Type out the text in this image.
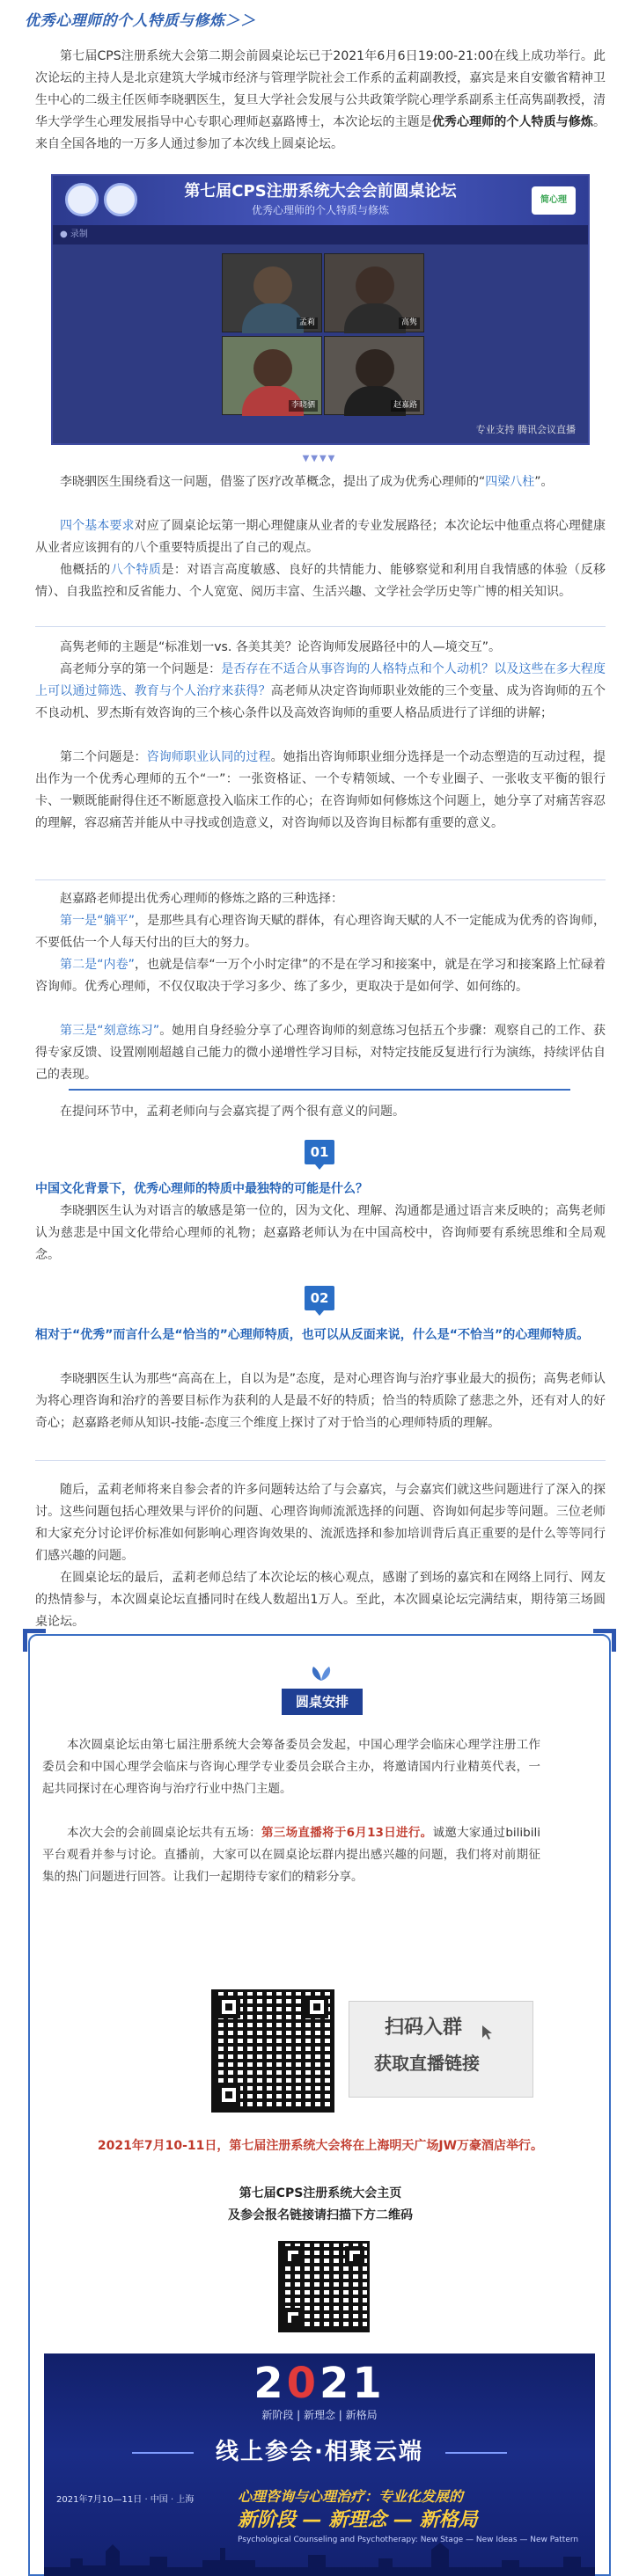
优秀心理师的个人特质与修炼＞＞

第七届CPS注册系统大会第二期会前圆桌论坛已于2021年6月6日19:00-21:00在线上成功举行。此次论坛的主持人是北京建筑大学城市经济与管理学院社会工作系的孟莉副教授，嘉宾是来自安徽省精神卫生中心的二级主任医师李晓驷医生，复旦大学社会发展与公共政策学院心理学系副系主任高隽副教授，清华大学学生心理发展指导中心专职心理师赵嘉路博士，本次论坛的主题是优秀心理师的个人特质与修炼。来自全国各地的一万多人通过参加了本次线上圆桌论坛。

第七届CPS注册系统大会会前圆桌论坛
优秀心理师的个人特质与修炼
简心理
● 录制
孟莉	高隽
李晓驷	赵嘉路
专业支持 腾讯会议直播
▼▼▼▼

李晓驷医生围绕看这一问题，借鉴了医疗改革概念，提出了成为优秀心理师的“四梁八柱”。

四个基本要求对应了圆桌论坛第一期心理健康从业者的专业发展路径；本次论坛中他重点将心理健康从业者应该拥有的八个重要特质提出了自己的观点。

他概括的八个特质是：对语言高度敏感、良好的共情能力、能够察觉和利用自我情感的体验（反移情）、自我监控和反省能力、个人宽宽、阅历丰富、生活兴趣、文学社会学历史等广博的相关知识。

高隽老师的主题是“标准划一vs. 各美其美？论咨询师发展路径中的人—境交互”。

高老师分享的第一个问题是：是否存在不适合从事咨询的人格特点和个人动机？以及这些在多大程度上可以通过筛选、教育与个人治疗来获得？高老师从决定咨询师职业效能的三个变量、成为咨询师的五个不良动机、罗杰斯有效咨询的三个核心条件以及高效咨询师的重要人格品质进行了详细的讲解；

第二个问题是：咨询师职业认同的过程。她指出咨询师职业细分选择是一个动态塑造的互动过程，提出作为一个优秀心理师的五个“一”：一张资格证、一个专精领域、一个专业圈子、一张收支平衡的银行卡、一颗既能耐得住还不断愿意投入临床工作的心；在咨询师如何修炼这个问题上，她分享了对痛苦容忍的理解，容忍痛苦并能从中寻找或创造意义，对咨询师以及咨询目标都有重要的意义。

赵嘉路老师提出优秀心理师的修炼之路的三种选择：

第一是“躺平”，是那些具有心理咨询天赋的群体，有心理咨询天赋的人不一定能成为优秀的咨询师，不要低估一个人每天付出的巨大的努力。

第二是“内卷”，也就是信奉“一万个小时定律”的不是在学习和接案中，就是在学习和接案路上忙碌着咨询师。优秀心理师，不仅仅取决于学习多少、练了多少，更取决于是如何学、如何练的。

第三是“刻意练习”。她用自身经验分享了心理咨询师的刻意练习包括五个步骤：观察自己的工作、获得专家反馈、设置刚刚超越自己能力的微小递增性学习目标，对特定技能反复进行行为演练，持续评估自己的表现。

在提问环节中，孟莉老师向与会嘉宾提了两个很有意义的问题。

01

中国文化背景下，优秀心理师的特质中最独特的可能是什么？

李晓驷医生认为对语言的敏感是第一位的，因为文化、理解、沟通都是通过语言来反映的；高隽老师认为慈悲是中国文化带给心理师的礼物；赵嘉路老师认为在中国高校中，咨询师要有系统思维和全局观念。

02

相对于“优秀”而言什么是“恰当的”心理师特质，也可以从反面来说，什么是“不恰当”的心理师特质。

李晓驷医生认为那些“高高在上，自以为是”态度，是对心理咨询与治疗事业最大的损伤；高隽老师认为将心理咨询和治疗的善要目标作为获利的人是最不好的特质；恰当的特质除了慈悲之外，还有对人的好奇心；赵嘉路老师从知识-技能-态度三个维度上探讨了对于恰当的心理师特质的理解。

随后，孟莉老师将来自参会者的许多问题转达给了与会嘉宾，与会嘉宾们就这些问题进行了深入的探讨。这些问题包括心理效果与评价的问题、心理咨询师流派选择的问题、咨询如何起步等问题。三位老师和大家充分讨论评价标准如何影响心理咨询效果的、流派选择和参加培训背后真正重要的是什么等等同行们感兴趣的问题。

在圆桌论坛的最后，孟莉老师总结了本次论坛的核心观点，感谢了到场的嘉宾和在网络上同行、网友的热情参与，本次圆桌论坛直播同时在线人数超出1万人。至此，本次圆桌论坛完满结束，期待第三场圆桌论坛。

圆桌安排

本次圆桌论坛由第七届注册系统大会筹备委员会发起，中国心理学会临床心理学注册工作委员会和中国心理学会临床与咨询心理学专业委员会联合主办，将邀请国内行业精英代表，一起共同探讨在心理咨询与治疗行业中热门主题。

本次大会的会前圆桌论坛共有五场：第三场直播将于6月13日进行。诚邀大家通过bilibili平台观看并参与讨论。直播前，大家可以在圆桌论坛群内提出感兴趣的问题，我们将对前期征集的热门问题进行回答。让我们一起期待专家们的精彩分享。

扫码入群
获取直播链接

2021年7月10-11日，第七届注册系统大会将在上海明天广场JW万豪酒店举行。

第七届CPS注册系统大会主页

及参会报名链接请扫描下方二维码

2021
新阶段 | 新理念 | 新格局
线上参会·相聚云端
2021年7月10—11日 · 中国 · 上海	心理咨询与心理治疗：专业化发展的
新阶段 — 新理念 — 新格局
Psychological Counseling and Psychotherapy: New Stage — New Ideas — New Pattern
